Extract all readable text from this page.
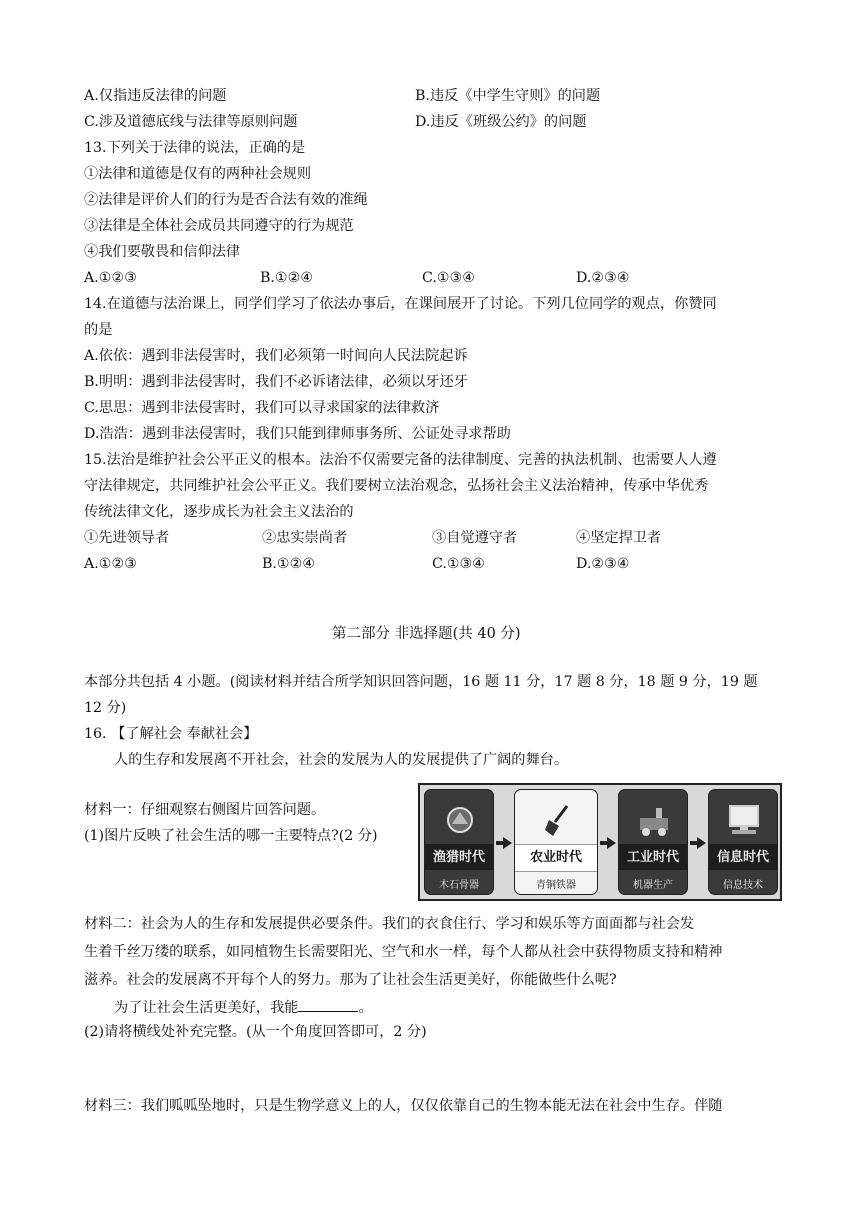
A.仅指违反法律的问题	B.违反《中学生守则》的问题
C.涉及道德底线与法律等原则问题	D.违反《班级公约》的问题
13.下列关于法律的说法，正确的是
①法律和道德是仅有的两种社会规则
②法律是评价人们的行为是否合法有效的准绳
③法律是全体社会成员共同遵守的行为规范
④我们要敬畏和信仰法律
A.①②③	B.①②④	C.①③④	D.②③④
14.在道德与法治课上，同学们学习了依法办事后，在课间展开了讨论。下列几位同学的观点，你赞同
的是
A.依依：遇到非法侵害时，我们必须第一时间向人民法院起诉
B.明明：遇到非法侵害时，我们不必诉诸法律，必须以牙还牙
C.思思：遇到非法侵害时，我们可以寻求国家的法律救济
D.浩浩：遇到非法侵害时，我们只能到律师事务所、公证处寻求帮助
15.法治是维护社会公平正义的根本。法治不仅需要完备的法律制度、完善的执法机制、也需要人人遵
守法律规定，共同维护社会公平正义。我们要树立法治观念，弘扬社会主义法治精神，传承中华优秀
传统法律文化，逐步成长为社会主义法治的
①先进领导者	②忠实崇尚者	③自觉遵守者	④坚定捍卫者
A.①②③	B.①②④	C.①③④	D.②③④
第二部分 非选择题(共 40 分)
本部分共包括 4 小题。(阅读材料并结合所学知识回答问题，16 题 11 分，17 题 8 分，18 题 9 分，19 题
12 分)
16. 【了解社会 奉献社会】
人的生存和发展离不开社会，社会的发展为人的发展提供了广阔的舞台。
材料一：仔细观察右侧图片回答问题。
(1)图片反映了社会生活的哪一主要特点?(2 分)
渔猎时代
木石骨器
农业时代
青铜铁器
工业时代
机器生产
信息时代
信息技术
材料二：社会为人的生存和发展提供必要条件。我们的衣食住行、学习和娱乐等方面面都与社会发
生着千丝万缕的联系，如同植物生长需要阳光、空气和水一样，每个人都从社会中获得物质支持和精神
滋养。社会的发展离不开每个人的努力。那为了让社会生活更美好，你能做些什么呢?
为了让社会生活更美好，我能	。
(2)请将横线处补充完整。(从一个角度回答即可，2 分)
材料三：我们呱呱坠地时，只是生物学意义上的人，仅仅依靠自己的生物本能无法在社会中生存。伴随
